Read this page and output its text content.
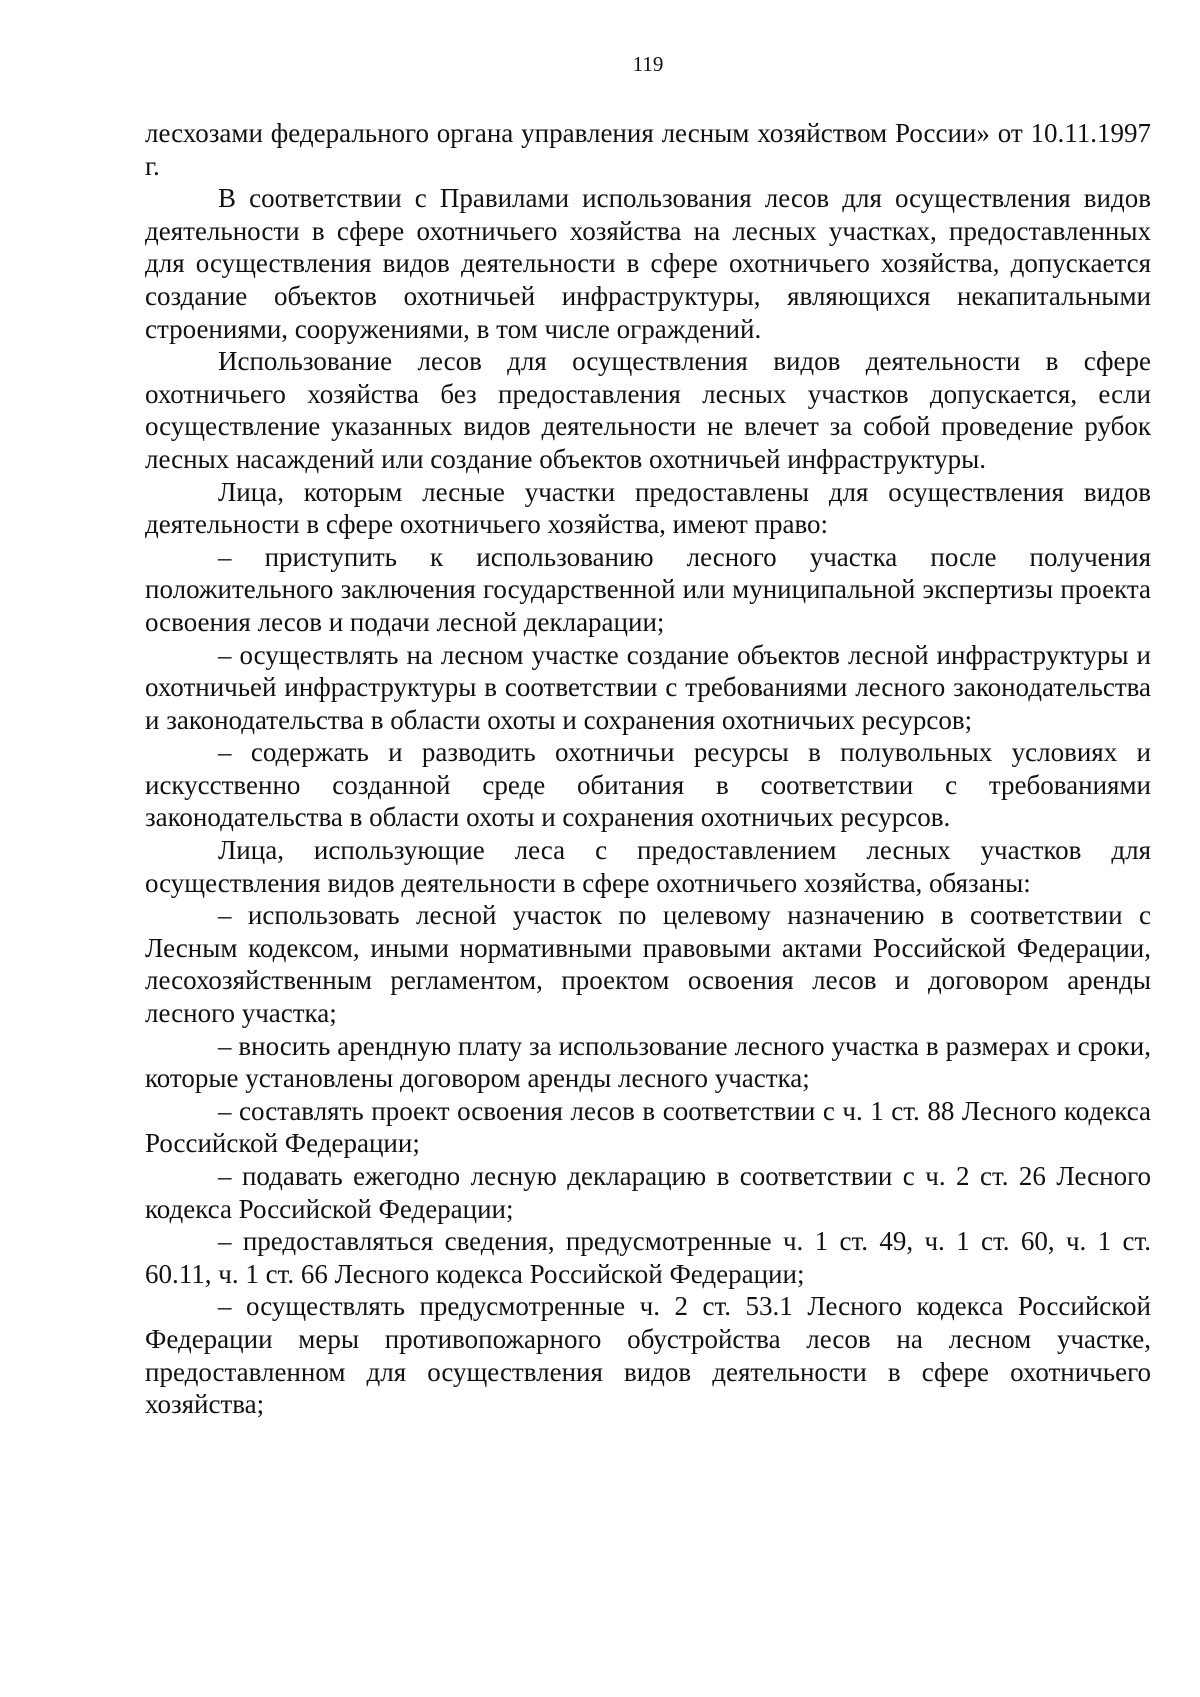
119

лесхозами федерального органа управления лесным хозяйством России» от 10.11.1997 г.

В соответствии с Правилами использования лесов для осуществления видов деятельности в сфере охотничьего хозяйства на лесных участках, предоставленных для осуществления видов деятельности в сфере охотничьего хозяйства, допускается создание объектов охотничьей инфраструктуры, являющихся некапитальными строениями, сооружениями, в том числе ограждений.

Использование лесов для осуществления видов деятельности в сфере охотничьего хозяйства без предоставления лесных участков допускается, если осуществление указанных видов деятельности не влечет за собой проведение рубок лесных насаждений или создание объектов охотничьей инфраструктуры.

Лица, которым лесные участки предоставлены для осуществления видов деятельности в сфере охотничьего хозяйства, имеют право:

– приступить к использованию лесного участка после получения положительного заключения государственной или муниципальной экспертизы проекта освоения лесов и подачи лесной декларации;

– осуществлять на лесном участке создание объектов лесной инфраструктуры и охотничьей инфраструктуры в соответствии с требованиями лесного законодательства и законодательства в области охоты и сохранения охотничьих ресурсов;

– содержать и разводить охотничьи ресурсы в полувольных условиях и искусственно созданной среде обитания в соответствии с требованиями законодательства в области охоты и сохранения охотничьих ресурсов.

Лица, использующие леса с предоставлением лесных участков для осуществления видов деятельности в сфере охотничьего хозяйства, обязаны:

– использовать лесной участок по целевому назначению в соответствии с Лесным кодексом, иными нормативными правовыми актами Российской Федерации, лесохозяйственным регламентом, проектом освоения лесов и договором аренды лесного участка;

– вносить арендную плату за использование лесного участка в размерах и сроки, которые установлены договором аренды лесного участка;

– составлять проект освоения лесов в соответствии с ч. 1 ст. 88 Лесного кодекса Российской Федерации;

– подавать ежегодно лесную декларацию в соответствии с ч. 2 ст. 26 Лесного кодекса Российской Федерации;

– предоставляться сведения, предусмотренные ч. 1 ст. 49, ч. 1 ст. 60, ч. 1 ст. 60.11, ч. 1 ст. 66 Лесного кодекса Российской Федерации;

– осуществлять предусмотренные ч. 2 ст. 53.1 Лесного кодекса Российской Федерации меры противопожарного обустройства лесов на лесном участке, предоставленном для осуществления видов деятельности в сфере охотничьего хозяйства;
